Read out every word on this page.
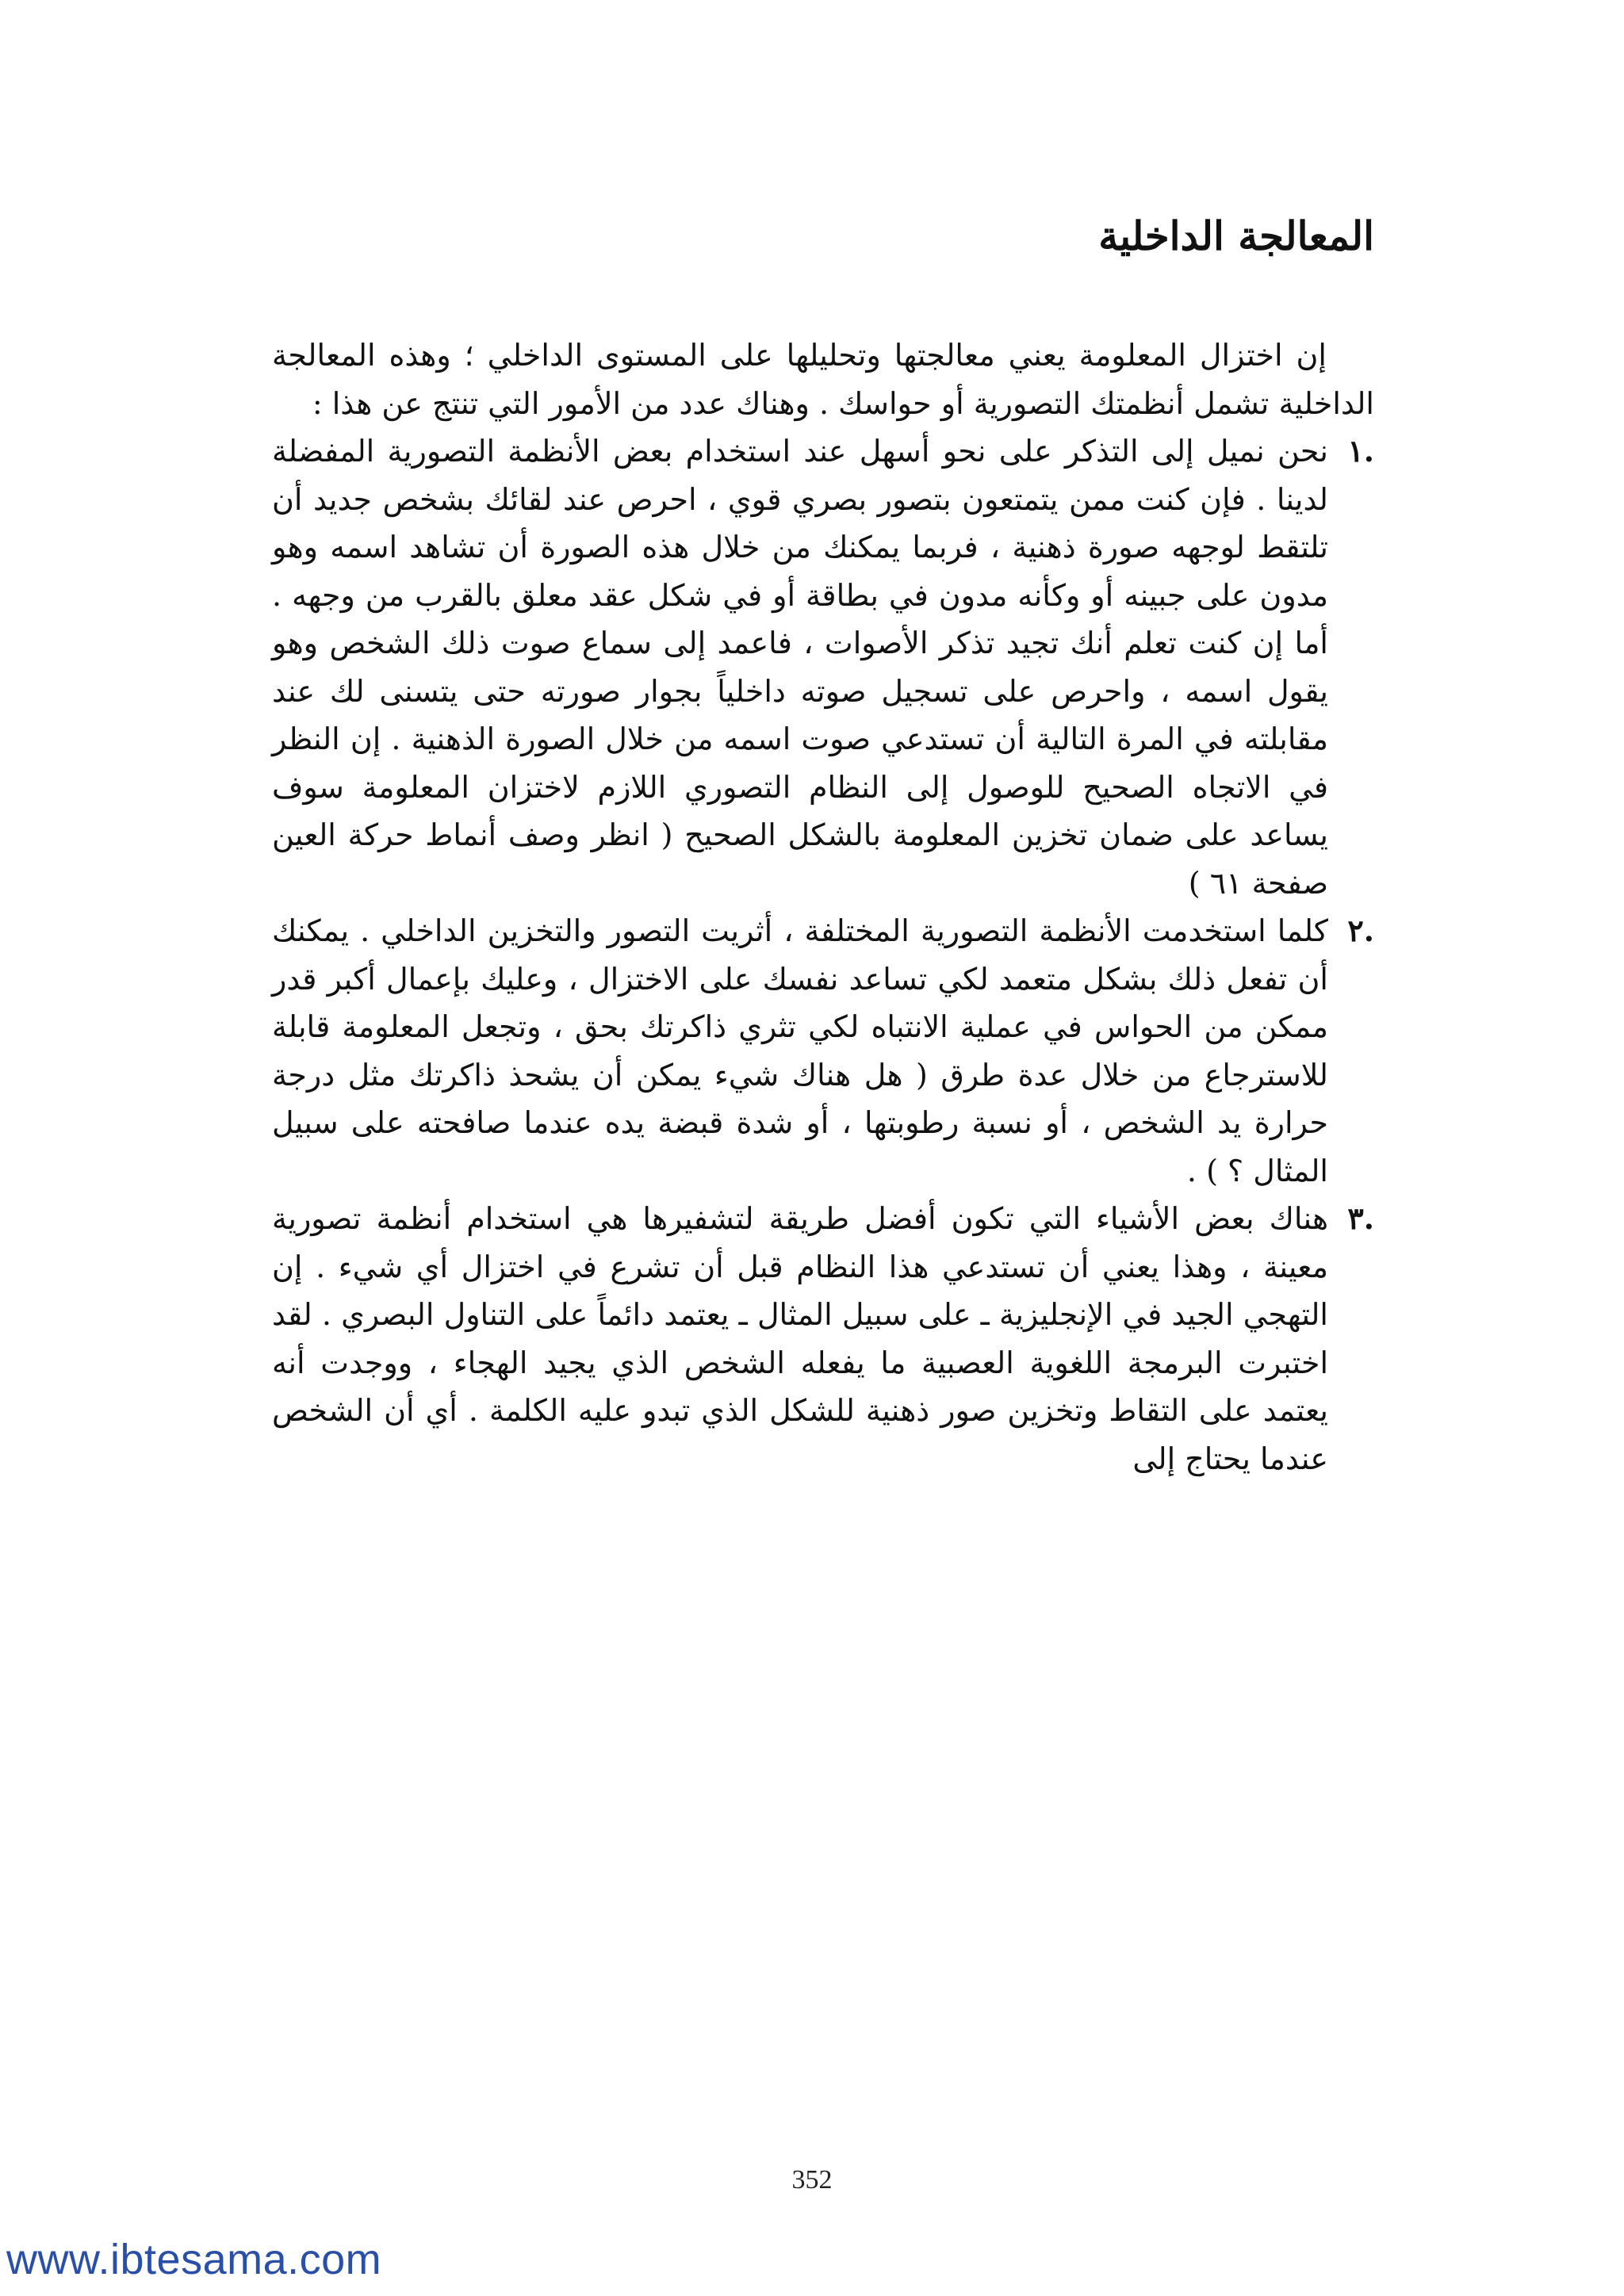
المعالجة الداخلية

إن اختزال المعلومة يعني معالجتها وتحليلها على المستوى الداخلي ؛ وهذه المعالجة الداخلية تشمل أنظمتك التصورية أو حواسك . وهناك عدد من الأمور التي تنتج عن هذا :

.١
نحن نميل إلى التذكر على نحو أسهل عند استخدام بعض الأنظمة التصورية المفضلة لدينا . فإن كنت ممن يتمتعون بتصور بصري قوي ، احرص عند لقائك بشخص جديد أن تلتقط لوجهه صورة ذهنية ، فربما يمكنك من خلال هذه الصورة أن تشاهد اسمه وهو مدون على جبينه أو وكأنه مدون في بطاقة أو في شكل عقد معلق بالقرب من وجهه . أما إن كنت تعلم أنك تجيد تذكر الأصوات ، فاعمد إلى سماع صوت ذلك الشخص وهو يقول اسمه ، واحرص على تسجيل صوته داخلياً بجوار صورته حتى يتسنى لك عند مقابلته في المرة التالية أن تستدعي صوت اسمه من خلال الصورة الذهنية . إن النظر في الاتجاه الصحيح للوصول إلى النظام التصوري اللازم لاختزان المعلومة سوف يساعد على ضمان تخزين المعلومة بالشكل الصحيح ( انظر وصف أنماط حركة العين صفحة ٦١ )

.٢
كلما استخدمت الأنظمة التصورية المختلفة ، أثريت التصور والتخزين الداخلي . يمكنك أن تفعل ذلك بشكل متعمد لكي تساعد نفسك على الاختزال ، وعليك بإعمال أكبر قدر ممكن من الحواس في عملية الانتباه لكي تثري ذاكرتك بحق ، وتجعل المعلومة قابلة للاسترجاع من خلال عدة طرق ( هل هناك شيء يمكن أن يشحذ ذاكرتك مثل درجة حرارة يد الشخص ، أو نسبة رطوبتها ، أو شدة قبضة يده عندما صافحته على سبيل المثال ؟ ) .

.٣
هناك بعض الأشياء التي تكون أفضل طريقة لتشفيرها هي استخدام أنظمة تصورية معينة ، وهذا يعني أن تستدعي هذا النظام قبل أن تشرع في اختزال أي شيء . إن التهجي الجيد في الإنجليزية ـ على سبيل المثال ـ يعتمد دائماً على التناول البصري . لقد اختبرت البرمجة اللغوية العصبية ما يفعله الشخص الذي يجيد الهجاء ، ووجدت أنه يعتمد على التقاط وتخزين صور ذهنية للشكل الذي تبدو عليه الكلمة . أي أن الشخص عندما يحتاج إلى

352
www.ibtesama.com
